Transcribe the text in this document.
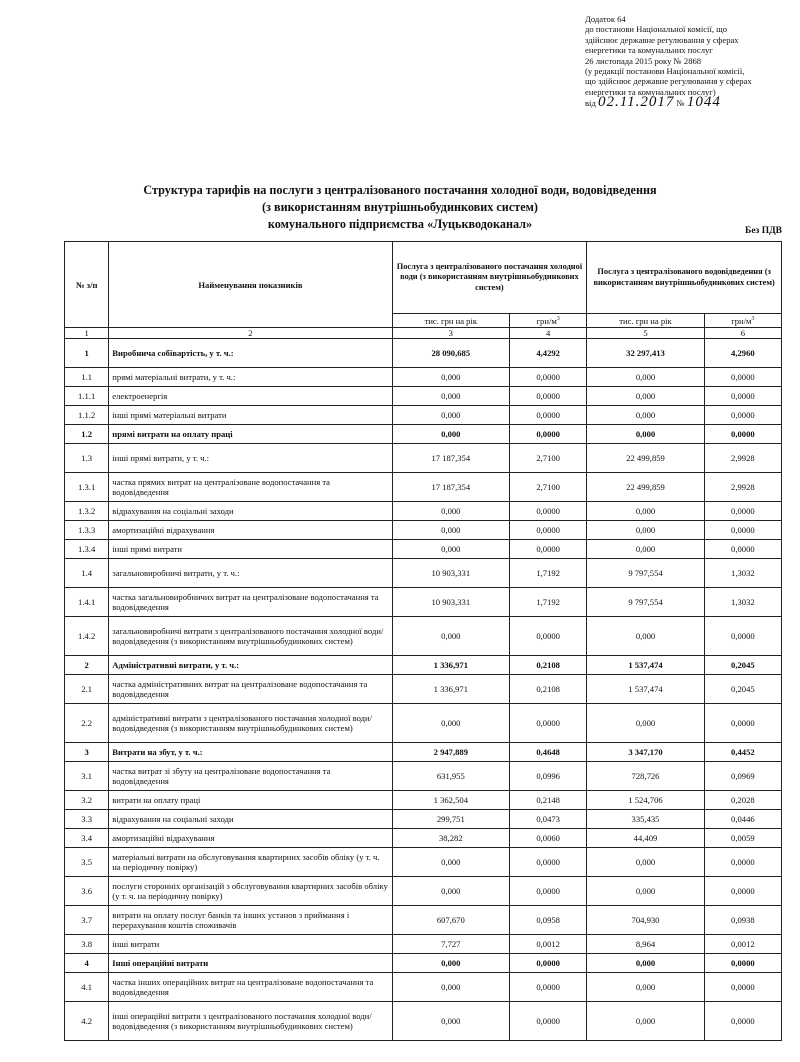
Додаток 64
до постанови Національної комісії, що
здійснює державне регулювання у сферах
енергетики та комунальних послуг
26 листопада 2015 року № 2868
(у редакції постанови Національної комісії,
що здійснює державне регулювання у сферах
енергетики та комунальних послуг)
від 02.11.2017 № 1044
Структура тарифів на послуги з централізованого постачання холодної води, водовідведення
(з використанням внутрішньобудинкових систем)
комунального підприємства «Луцькводоканал»	Без ПДВ
№ з/п	Найменування показників	Послуга з централізованого постачання холодної води (з використанням внутрішньобудинкових систем)		Послуга з централізованого водовідведення (з використанням внутрішньобудинкових систем)	
		тис. грн на рік	грн/$м^3$	тис. грн на рік	грн/$м^3$
1	2	3	4	5	6
1	Виробнича собівартість, у т. ч.:	28 090,685	4,4292	32 297,413	4,2960
1.1	прямі матеріальні витрати, у т. ч.:	0,000	0,0000	0,000	0,0000
1.1.1	електроенергія	0,000	0,0000	0,000	0,0000
1.1.2	інші прямі матеріальні витрати	0,000	0,0000	0,000	0,0000
1.2	прямі витрати на оплату праці	0,000	0,0000	0,000	0,0000
1.3	інші прямі витрати, у т. ч.:	17 187,354	2,7100	22 499,859	2,9928
1.3.1	частка прямих витрат на централізоване водопостачання та водовідведення	17 187,354	2,7100	22 499,859	2,9928
1.3.2	відрахування на соціальні заходи	0,000	0,0000	0,000	0,0000
1.3.3	амортизаційні відрахування	0,000	0,0000	0,000	0,0000
1.3.4	інші прямі витрати	0,000	0,0000	0,000	0,0000
1.4	загальновиробничі витрати, у т. ч.:	10 903,331	1,7192	9 797,554	1,3032
1.4.1	частка загальновиробничих витрат на централізоване водопостачання та водовідведення	10 903,331	1,7192	9 797,554	1,3032
1.4.2	загальновиробничі витрати з централізованого постачання холодної води/водовідведення (з використанням внутрішньобудинкових систем)	0,000	0,0000	0,000	0,0000
2	Адміністративні витрати, у т. ч.:	1 336,971	0,2108	1 537,474	0,2045
2.1	частка адміністративних витрат на централізоване водопостачання та водовідведення	1 336,971	0,2108	1 537,474	0,2045
2.2	адміністративні витрати з централізованого постачання холодної води/водовідведення (з використанням внутрішньобудинкових систем)	0,000	0,0000	0,000	0,0000
3	Витрати на збут, у т. ч.:	2 947,889	0,4648	3 347,170	0,4452
3.1	частка витрат зі збуту на централізоване водопостачання та водовідведення	631,955	0,0996	728,726	0,0969
3.2	витрати на оплату праці	1 362,504	0,2148	1 524,706	0,2028
3.3	відрахування на соціальні заходи	299,751	0,0473	335,435	0,0446
3.4	амортизаційні відрахування	38,282	0,0060	44,409	0,0059
3.5	матеріальні витрати на обслуговування квартирних засобів обліку (у т. ч. на періодичну повірку)	0,000	0,0000	0,000	0,0000
3.6	послуги сторонніх організацій з обслуговування квартирних засобів обліку (у т. ч. на періодичну повірку)	0,000	0,0000	0,000	0,0000
3.7	витрати на оплату послуг банків та інших установ з приймання і перерахування коштів споживачів	607,670	0,0958	704,930	0,0938
3.8	інші витрати	7,727	0,0012	8,964	0,0012
4	Інші операційні витрати	0,000	0,0000	0,000	0,0000
4.1	частка інших операційних витрат на централізоване водопостачання та водовідведення	0,000	0,0000	0,000	0,0000
4.2	інші операційні витрати з централізованого постачання холодної води/водовідведення (з використанням внутрішньобудинкових систем)	0,000	0,0000	0,000	0,0000
